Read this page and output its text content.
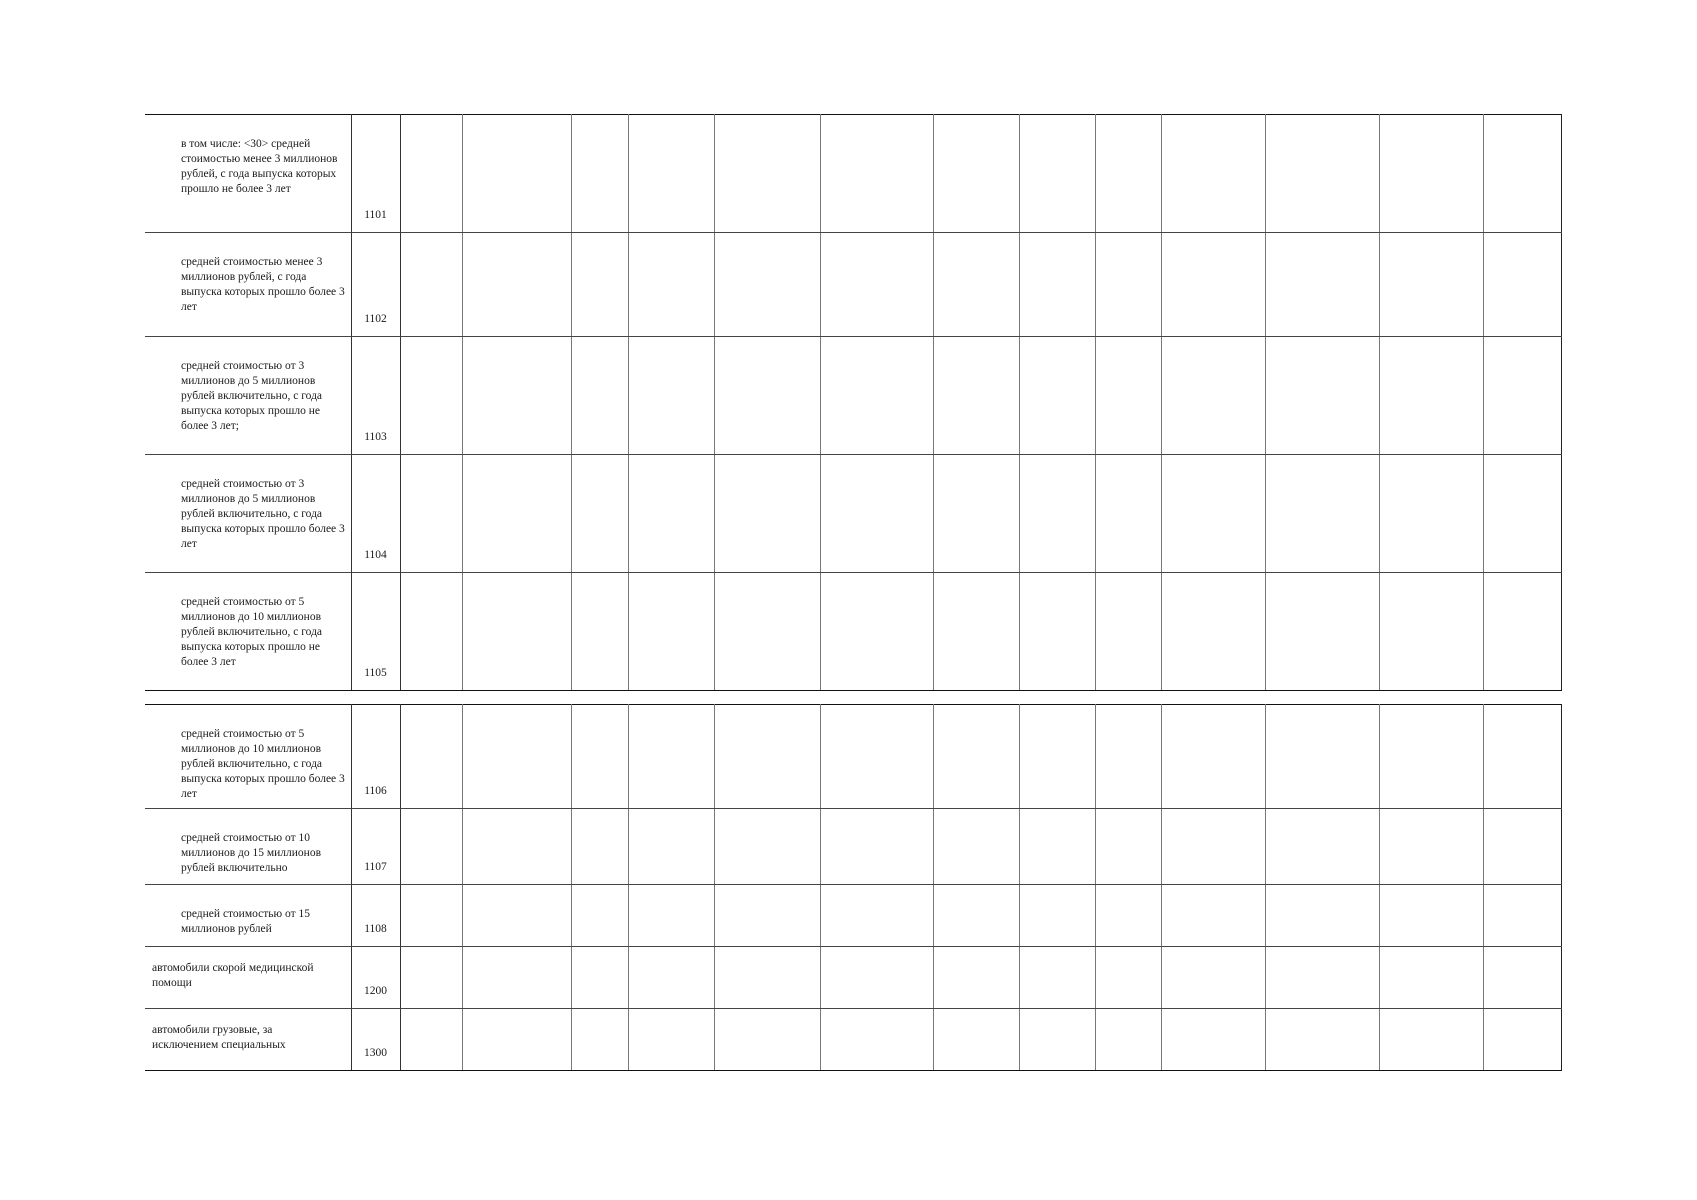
в том числе: <30> средней стоимостью менее 3 миллионов рублей, с года выпуска которых прошло не более 3 лет	1101													

средней стоимостью менее 3 миллионов рублей, с года выпуска которых прошло более 3 лет	1102													

средней стоимостью от 3 миллионов до 5 миллионов рублей включительно, с года выпуска которых прошло не более 3 лет;	1103													

средней стоимостью от 3 миллионов до 5 миллионов рублей включительно, с года выпуска которых прошло более 3 лет	1104													

средней стоимостью от 5 миллионов до 10 миллионов рублей включительно, с года выпуска которых прошло не более 3 лет	1105													

средней стоимостью от 5 миллионов до 10 миллионов рублей включительно, с года выпуска которых прошло более 3 лет	1106													

средней стоимостью от 10 миллионов до 15 миллионов рублей включительно	1107													

средней стоимостью от 15 миллионов рублей	1108													

автомобили скорой медицинской помощи	1200													

автомобили грузовые, за исключением специальных	1300													
